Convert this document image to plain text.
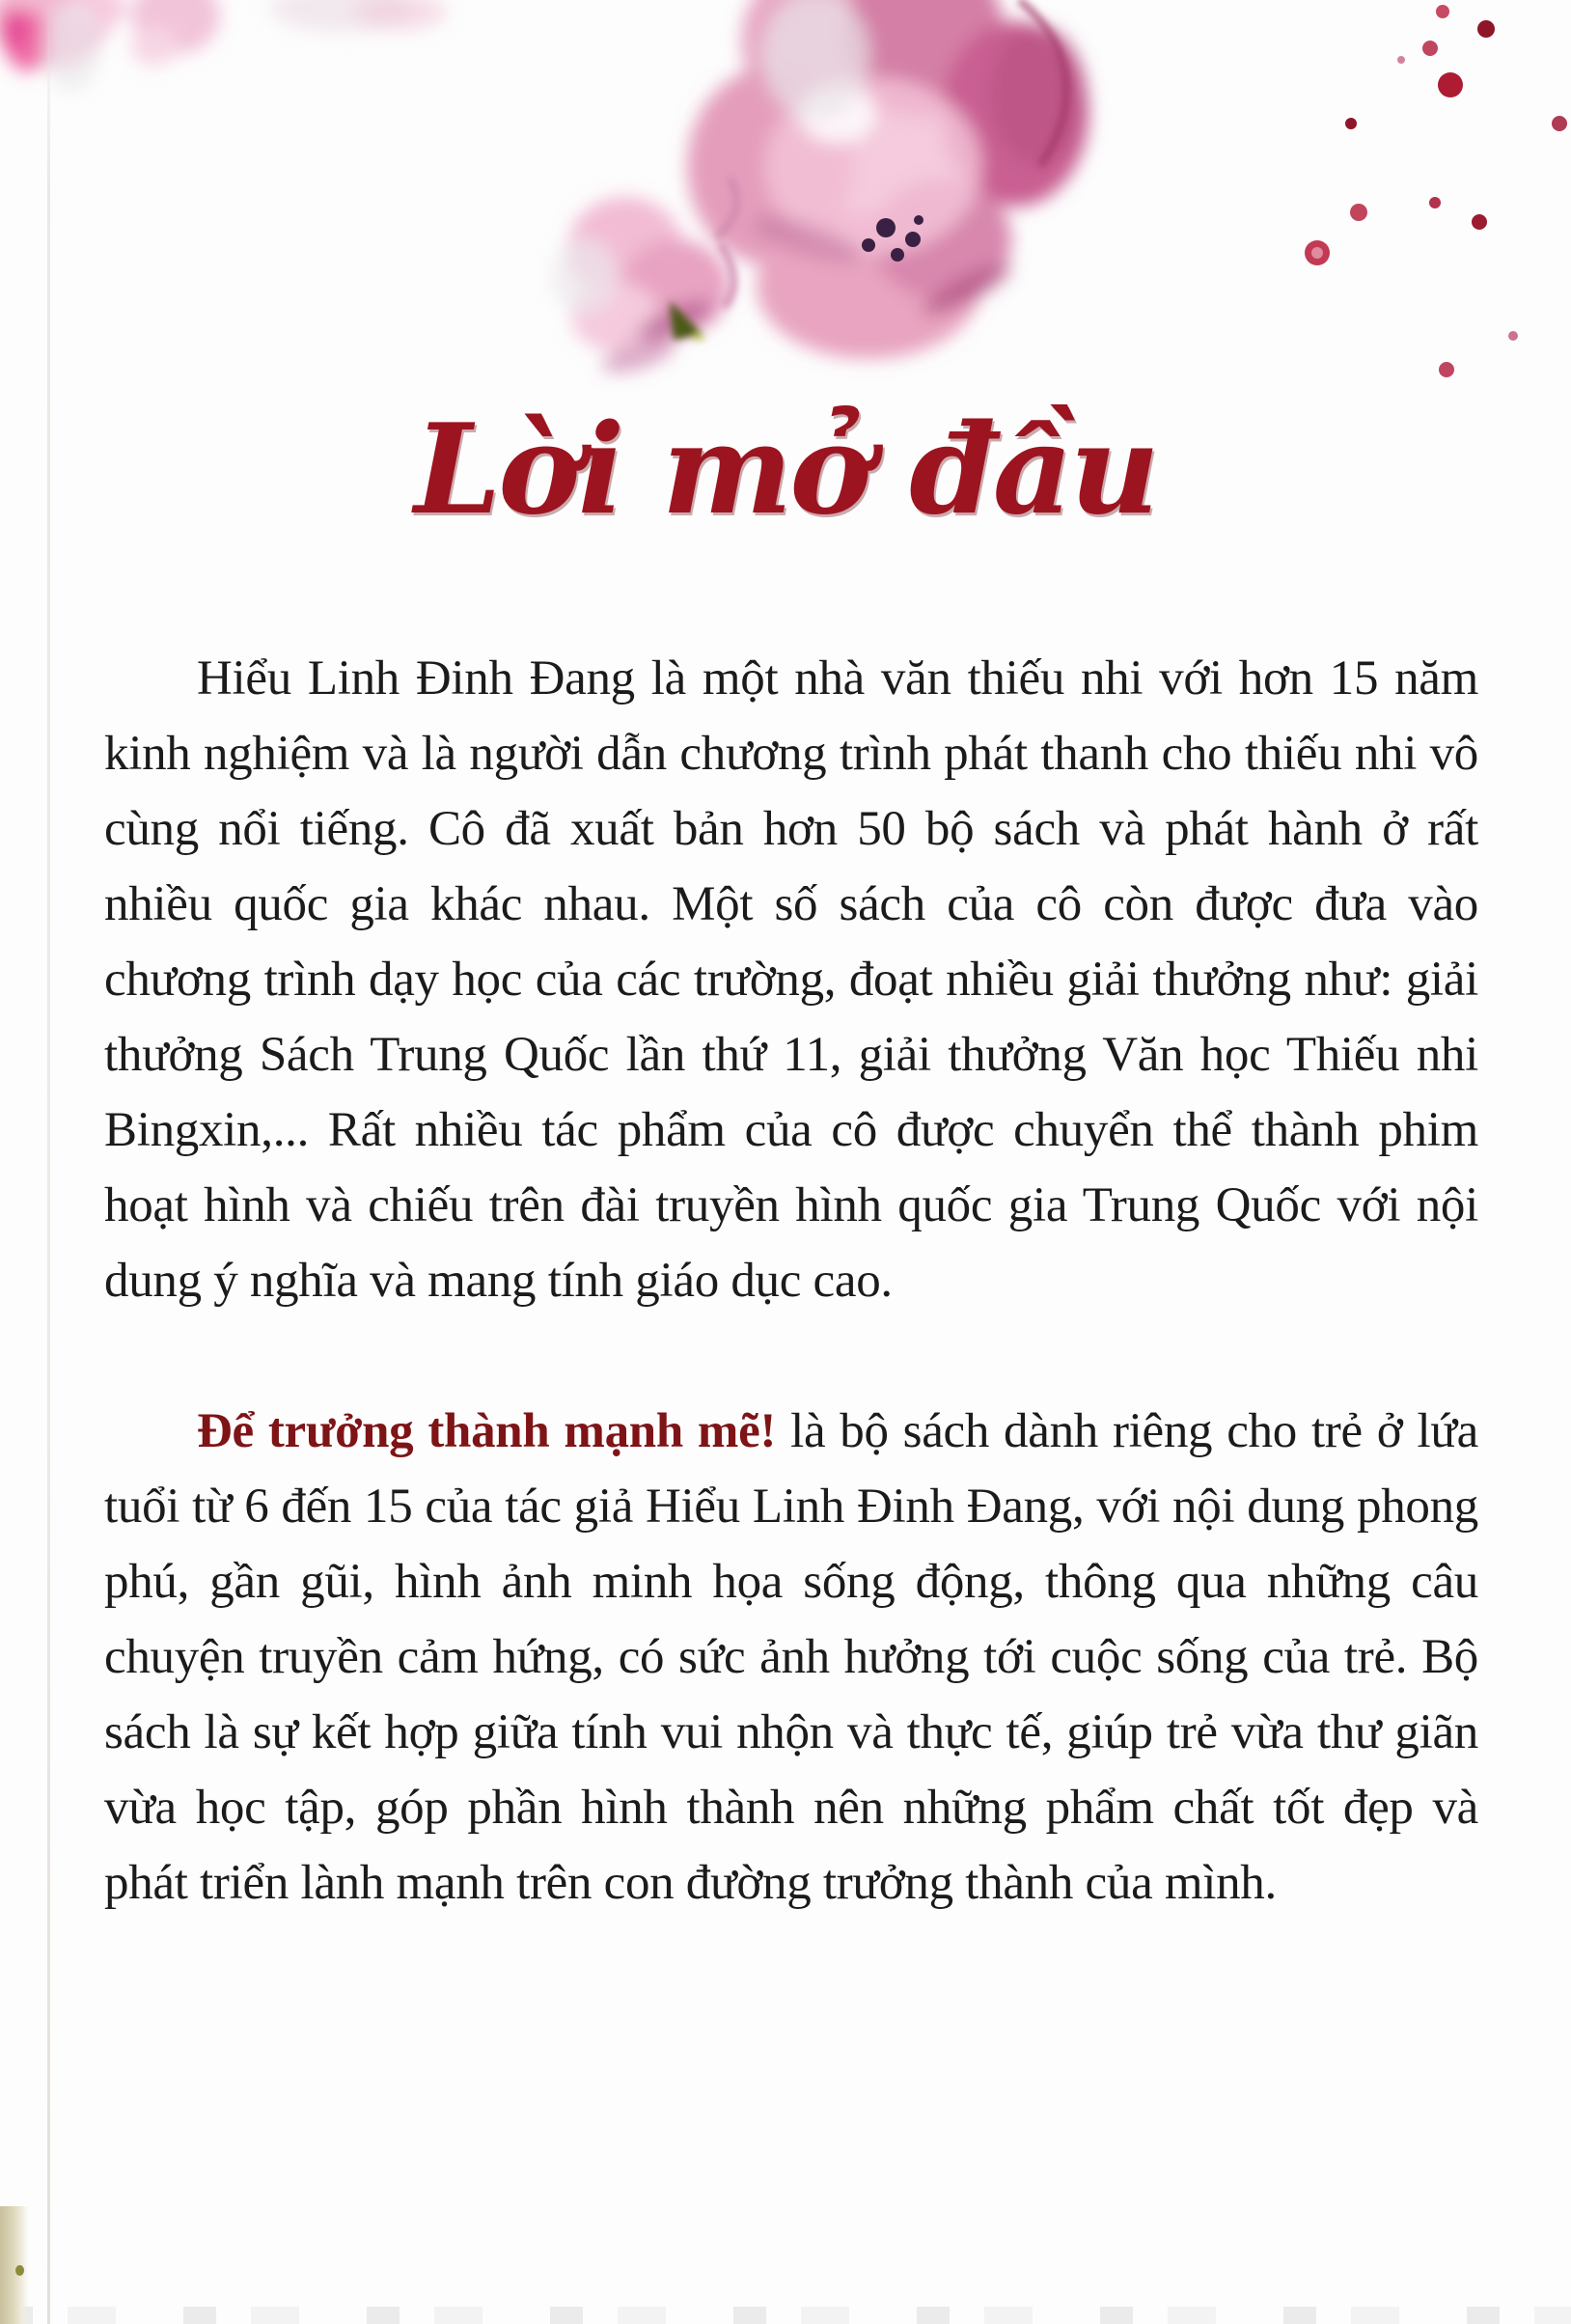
Lời mở đầu

Hiểu Linh Đinh Đang là một nhà văn thiếu nhi với hơn 15 năm kinh nghiệm và là người dẫn chương trình phát thanh cho thiếu nhi vô cùng nổi tiếng. Cô đã xuất bản hơn 50 bộ sách và phát hành ở rất nhiều quốc gia khác nhau. Một số sách của cô còn được đưa vào chương trình dạy học của các trường, đoạt nhiều giải thưởng như: giải thưởng Sách Trung Quốc lần thứ 11, giải thưởng Văn học Thiếu nhi Bingxin,... Rất nhiều tác phẩm của cô được chuyển thể thành phim hoạt hình và chiếu trên đài truyền hình quốc gia Trung Quốc với nội dung ý nghĩa và mang tính giáo dục cao.

Để trưởng thành mạnh mẽ! là bộ sách dành riêng cho trẻ ở lứa tuổi từ 6 đến 15 của tác giả Hiểu Linh Đinh Đang, với nội dung phong phú, gần gũi, hình ảnh minh họa sống động, thông qua những câu chuyện truyền cảm hứng, có sức ảnh hưởng tới cuộc sống của trẻ. Bộ sách là sự kết hợp giữa tính vui nhộn và thực tế, giúp trẻ vừa thư giãn vừa học tập, góp phần hình thành nên những phẩm chất tốt đẹp và phát triển lành mạnh trên con đường trưởng thành của mình.
